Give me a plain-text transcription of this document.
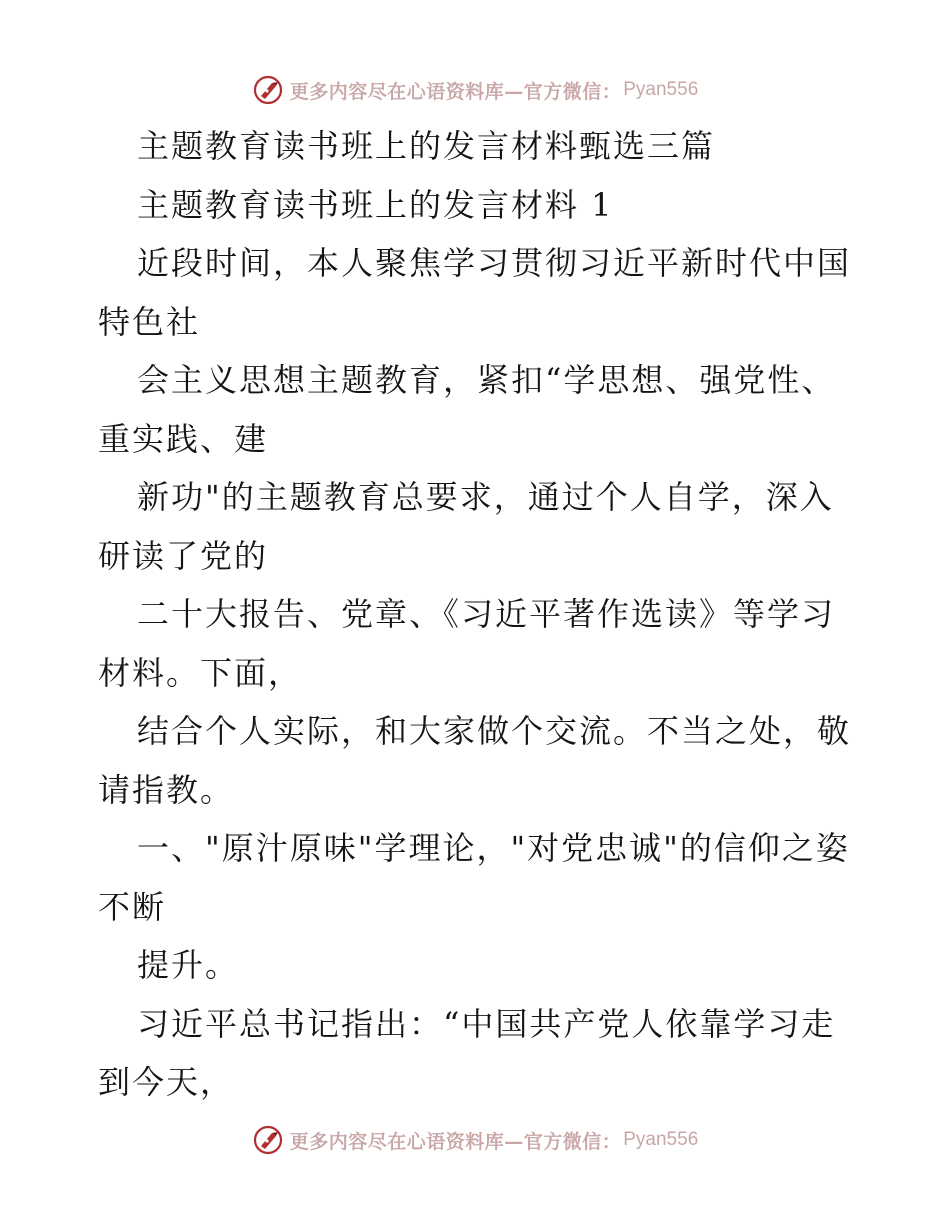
更多内容尽在心语资料库—官方微信： Pyan556
主题教育读书班上的发言材料甄选三篇
主题教育读书班上的发言材料 1
近段时间，本人聚焦学习贯彻习近平新时代中国
特色社
会主义思想主题教育，紧扣“学思想、强党性、
重实践、建
新功"的主题教育总要求，通过个人自学，深入
研读了党的
二十大报告、党章、《习近平著作选读》等学习
材料。下面，
结合个人实际，和大家做个交流。不当之处，敬
请指教。
一、"原汁原味"学理论，"对党忠诚"的信仰之姿
不断
提升。
习近平总书记指出：“中国共产党人依靠学习走
到今天，
更多内容尽在心语资料库—官方微信： Pyan556
